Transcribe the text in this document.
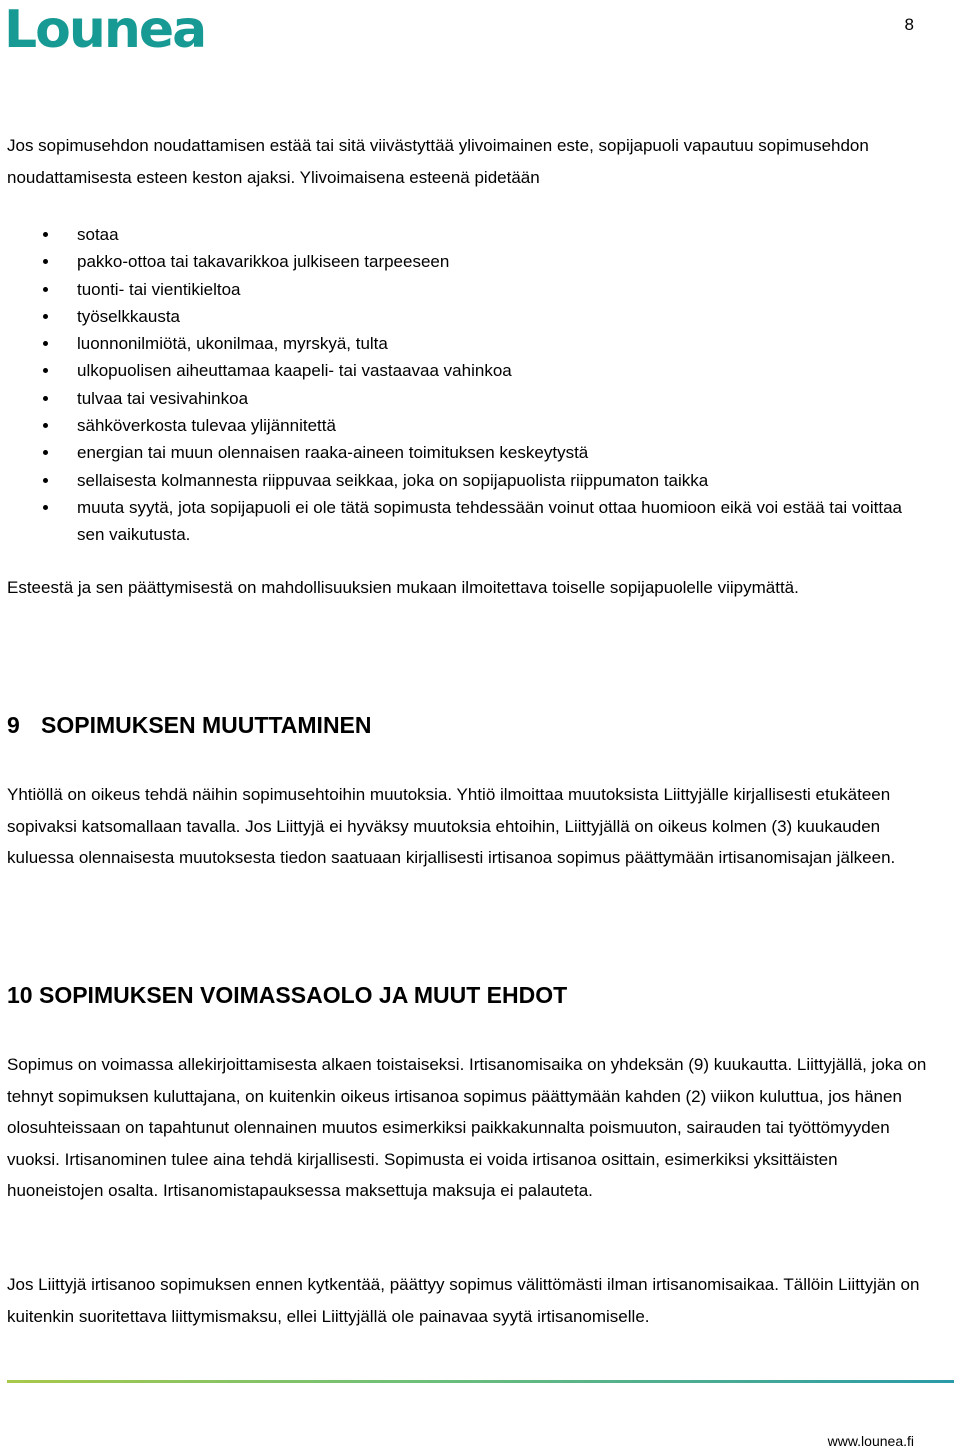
Lounea	8

Jos sopimusehdon noudattamisen estää tai sitä viivästyttää ylivoimainen este, sopijapuoli vapautuu sopimusehdon noudattamisesta esteen keston ajaksi. Ylivoimaisena esteenä pidetään

sotaa
pakko-ottoa tai takavarikkoa julkiseen tarpeeseen
tuonti- tai vientikieltoa
työselkkausta
luonnonilmiötä, ukonilmaa, myrskyä, tulta
ulkopuolisen aiheuttamaa kaapeli- tai vastaavaa vahinkoa
tulvaa tai vesivahinkoa
sähköverkosta tulevaa ylijännitettä
energian tai muun olennaisen raaka-aineen toimituksen keskeytystä
sellaisesta kolmannesta riippuvaa seikkaa, joka on sopijapuolista riippumaton taikka
muuta syytä, jota sopijapuoli ei ole tätä sopimusta tehdessään voinut ottaa huomioon eikä voi estää tai voittaa sen vaikutusta.

Esteestä ja sen päättymisestä on mahdollisuuksien mukaan ilmoitettava toiselle sopijapuolelle viipymättä.

9 SOPIMUKSEN MUUTTAMINEN

Yhtiöllä on oikeus tehdä näihin sopimusehtoihin muutoksia. Yhtiö ilmoittaa muutoksista Liittyjälle kirjallisesti etukäteen sopivaksi katsomallaan tavalla. Jos Liittyjä ei hyväksy muutoksia ehtoihin, Liittyjällä on oikeus kolmen (3) kuukauden kuluessa olennaisesta muutoksesta tiedon saatuaan kirjallisesti irtisanoa sopimus päättymään irtisanomisajan jälkeen.

10 SOPIMUKSEN VOIMASSAOLO JA MUUT EHDOT

Sopimus on voimassa allekirjoittamisesta alkaen toistaiseksi. Irtisanomisaika on yhdeksän (9) kuukautta. Liittyjällä, joka on tehnyt sopimuksen kuluttajana, on kuitenkin oikeus irtisanoa sopimus päättymään kahden (2) viikon kuluttua, jos hänen olosuhteissaan on tapahtunut olennainen muutos esimerkiksi paikkakunnalta poismuuton, sairauden tai työttömyyden vuoksi. Irtisanominen tulee aina tehdä kirjallisesti. Sopimusta ei voida irtisanoa osittain, esimerkiksi yksittäisten huoneistojen osalta. Irtisanomistapauksessa maksettuja maksuja ei palauteta.

Jos Liittyjä irtisanoo sopimuksen ennen kytkentää, päättyy sopimus välittömästi ilman irtisanomisaikaa. Tällöin Liittyjän on kuitenkin suoritettava liittymismaksu, ellei Liittyjällä ole painavaa syytä irtisanomiselle.

www.lounea.fi
